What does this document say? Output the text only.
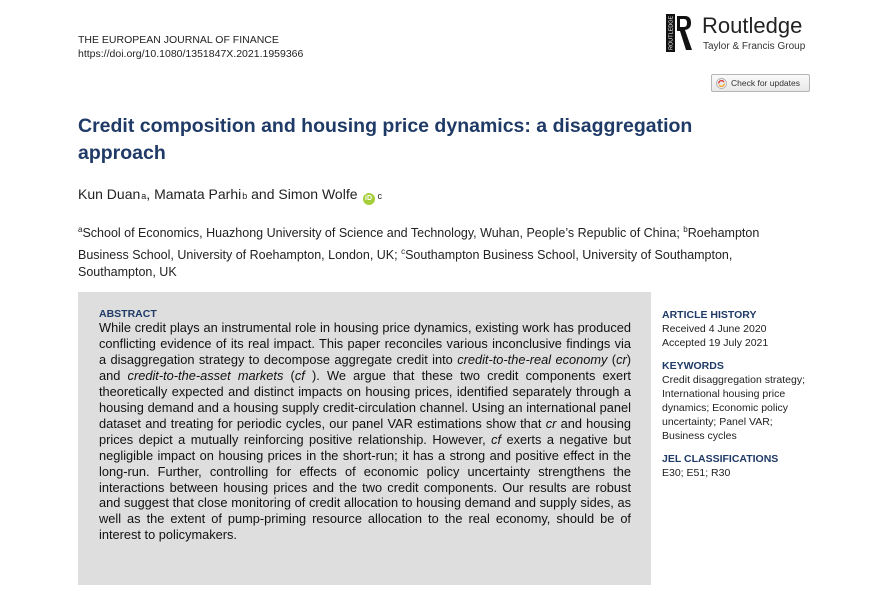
THE EUROPEAN JOURNAL OF FINANCE
https://doi.org/10.1080/1351847X.2021.1959366
ROUTLEDGE Routledge
Taylor & Francis Group
Check for updates
Credit composition and housing price dynamics: a disaggregation approach
Kun Duan a , Mamata Parhi b and Simon Wolfe	iD $^c$
$^a$School of Economics, Huazhong University of Science and Technology, Wuhan, People’s Republic of China; $^b$Roehampton Business School, University of Roehampton, London, UK; $^c$Southampton Business School, University of Southampton, Southampton, UK
ABSTRACT
While credit plays an instrumental role in housing price dynamics, existing work has produced conflicting evidence of its real impact. This paper reconciles various inconclusive findings via a disaggregation strategy to decompose aggregate credit into credit-to-the-real economy (cr) and credit-to-the-asset markets (cf ). We argue that these two credit components exert theoretically expected and distinct impacts on housing prices, identified separately through a housing demand and a housing supply credit-circulation channel. Using an international panel dataset and treating for periodic cycles, our panel VAR estimations show that cr and housing prices depict a mutually reinforcing positive relationship. However, cf exerts a negative but negligible impact on housing prices in the short-run; it has a strong and positive effect in the long-run. Further, controlling for effects of economic policy uncertainty strengthens the interactions between housing prices and the two credit components. Our results are robust and suggest that close monitoring of credit allocation to housing demand and supply sides, as well as the extent of pump-priming resource allocation to the real economy, should be of interest to policymakers.
ARTICLE HISTORY
Received 4 June 2020
Accepted 19 July 2021
KEYWORDS
Credit disaggregation strategy; International housing price dynamics; Economic policy uncertainty; Panel VAR; Business cycles
JEL CLASSIFICATIONS
E30; E51; R30
